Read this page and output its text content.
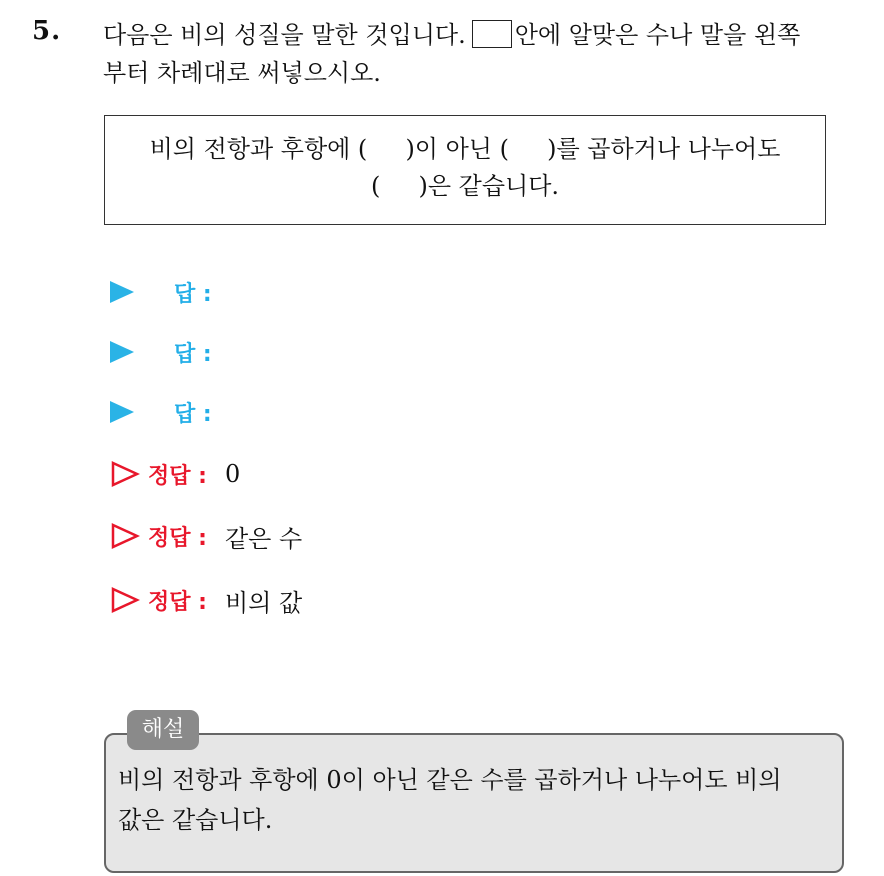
5. 다음은 비의 성질을 말한 것입니다. 안에 알맞은 수나 말을 왼쪽
부터 차례대로 써넣으시오.
비의 전항과 후항에 (     )이 아닌 (     )를 곱하거나 나누어도
(     )은 같습니다.
답 :
답 :
답 :
정답 : 0
정답 : 같은 수
정답 : 비의 값
해설
비의 전항과 후항에 0이 아닌 같은 수를 곱하거나 나누어도 비의
값은 같습니다.
